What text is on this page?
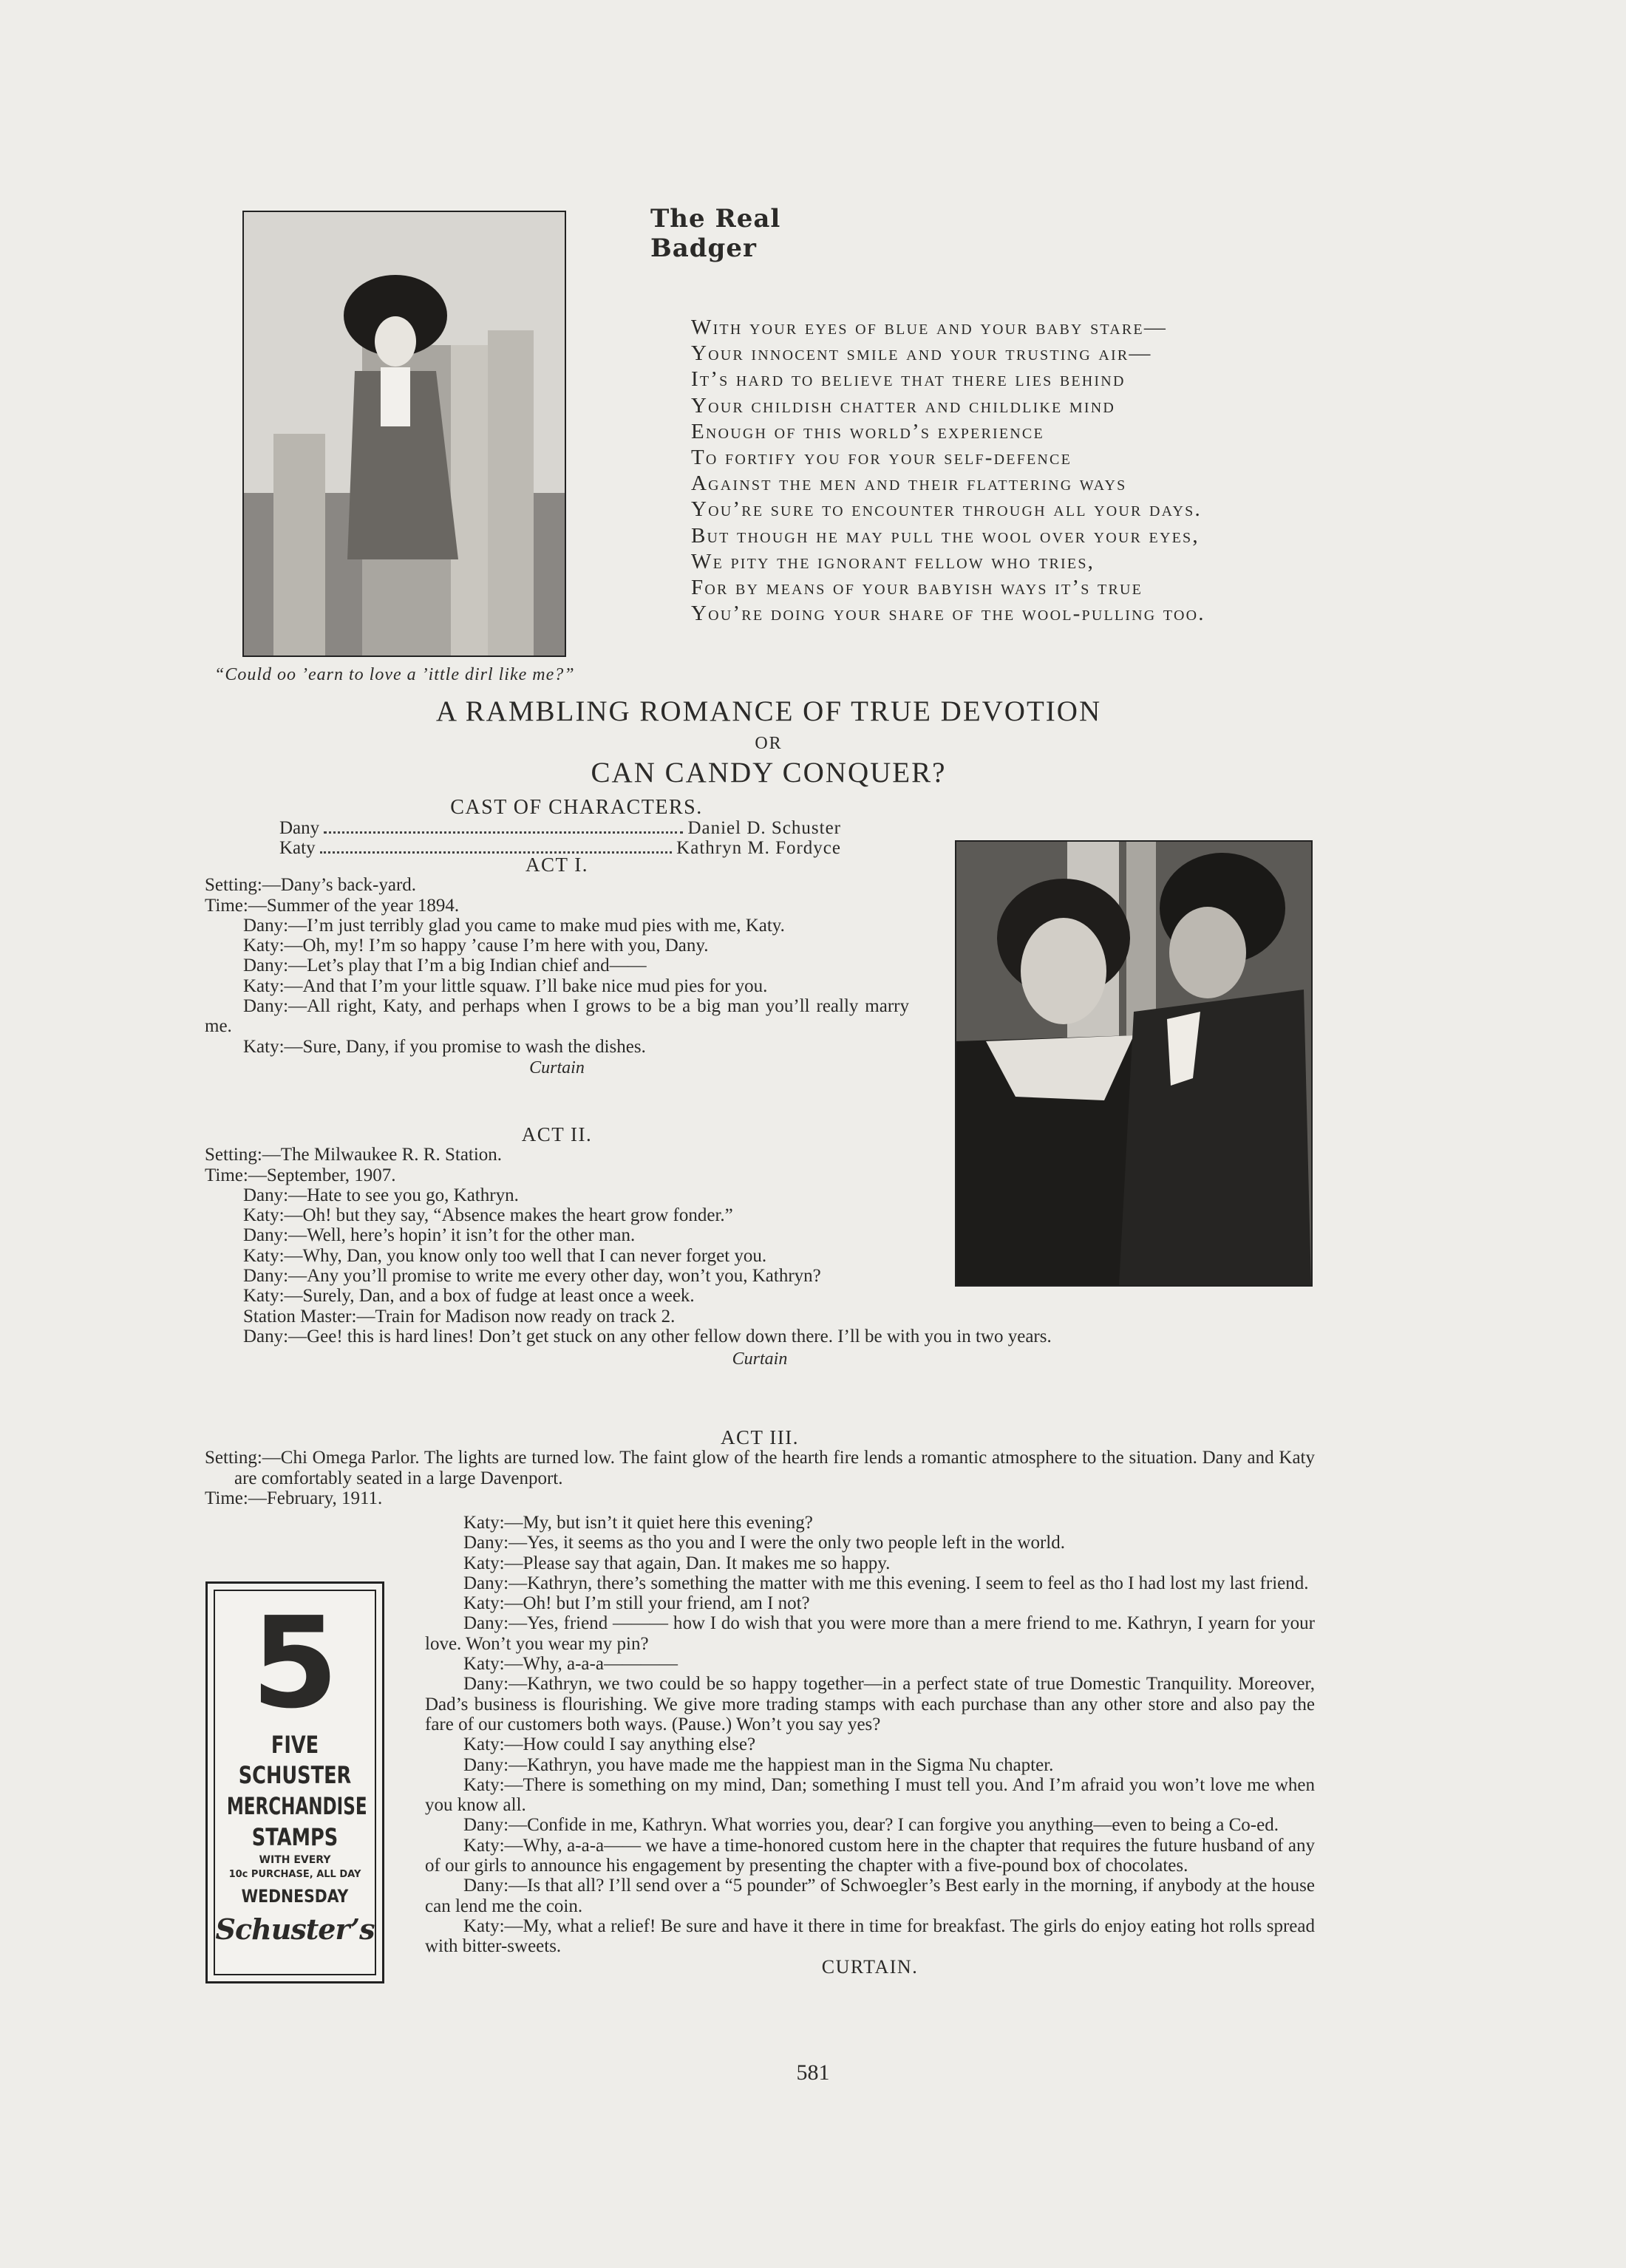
The Real Badger
“Could oo ’earn to love a ’ittle dirl like me?”
With your eyes of blue and your baby stare—
Your innocent smile and your trusting air—
It’s hard to believe that there lies behind
Your childish chatter and childlike mind
Enough of this world’s experience
To fortify you for your self-defence
Against the men and their flattering ways
You’re sure to encounter through all your days.
But though he may pull the wool over your eyes,
We pity the ignorant fellow who tries,
For by means of your babyish ways it’s true
You’re doing your share of the wool-pulling too.
A RAMBLING ROMANCE OF TRUE DEVOTION
OR
CAN CANDY CONQUER?
CAST OF CHARACTERS.
Dany	Daniel D. Schuster
Katy	Kathryn M. Fordyce
ACT I.
Setting:—Dany’s back-yard.
Time:—Summer of the year 1894.
Dany:—I’m just terribly glad you came to make mud pies with me, Katy.
Katy:—Oh, my! I’m so happy ’cause I’m here with you, Dany.
Dany:—Let’s play that I’m a big Indian chief and——
Katy:—And that I’m your little squaw. I’ll bake nice mud pies for you.
Dany:—All right, Katy, and perhaps when I grows to be a big man you’ll really marry me.
Katy:—Sure, Dany, if you promise to wash the dishes.
Curtain
ACT II.
Setting:—The Milwaukee R. R. Station.
Time:—September, 1907.
Dany:—Hate to see you go, Kathryn.
Katy:—Oh! but they say, “Absence makes the heart grow fonder.”
Dany:—Well, here’s hopin’ it isn’t for the other man.
Katy:—Why, Dan, you know only too well that I can never forget you.
Dany:—Any you’ll promise to write me every other day, won’t you, Kathryn?
Katy:—Surely, Dan, and a box of fudge at least once a week.
Station Master:—Train for Madison now ready on track 2.
Dany:—Gee! this is hard lines! Don’t get stuck on any other fellow down there. I’ll be with you in two years.
Curtain
ACT III.
Setting:—Chi Omega Parlor. The lights are turned low. The faint glow of the hearth fire lends a romantic atmosphere to the situation. Dany and Katy are comfortably seated in a large Davenport.
Time:—February, 1911.
Katy:—My, but isn’t it quiet here this evening?
Dany:—Yes, it seems as tho you and I were the only two people left in the world.
Katy:—Please say that again, Dan. It makes me so happy.
Dany:—Kathryn, there’s something the matter with me this evening. I seem to feel as tho I had lost my last friend.
Katy:—Oh! but I’m still your friend, am I not?
Dany:—Yes, friend ——— how I do wish that you were more than a mere friend to me. Kathryn, I yearn for your love. Won’t you wear my pin?
Katy:—Why, a-a-a————
Dany:—Kathryn, we two could be so happy together—in a perfect state of true Domestic Tranquility. Moreover, Dad’s business is flourishing. We give more trading stamps with each purchase than any other store and also pay the fare of our customers both ways. (Pause.) Won’t you say yes?
Katy:—How could I say anything else?
Dany:—Kathryn, you have made me the happiest man in the Sigma Nu chapter.
Katy:—There is something on my mind, Dan; something I must tell you. And I’m afraid you won’t love me when you know all.
Dany:—Confide in me, Kathryn. What worries you, dear? I can forgive you anything—even to being a Co-ed.
Katy:—Why, a-a-a—— we have a time-honored custom here in the chapter that requires the future husband of any of our girls to announce his engagement by presenting the chapter with a five-pound box of chocolates.
Dany:—Is that all? I’ll send over a “5 pounder” of Schwoegler’s Best early in the morning, if anybody at the house can lend me the coin.
Katy:—My, what a relief! Be sure and have it there in time for breakfast. The girls do enjoy eating hot rolls spread with bitter-sweets.
CURTAIN.
5
FIVE
SCHUSTER
MERCHANDISE
STAMPS
WITH EVERY
10c PURCHASE, ALL DAY
WEDNESDAY
Schuster’s
581
